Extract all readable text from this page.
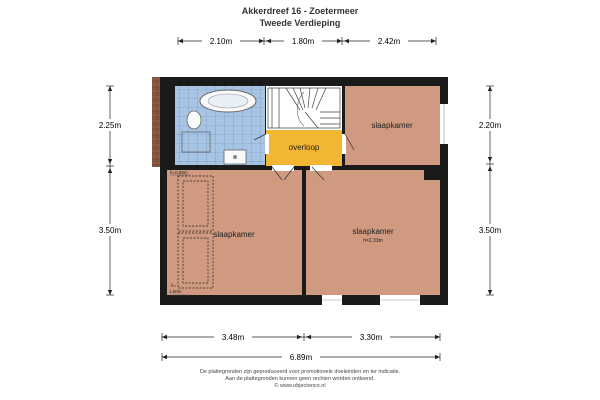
Akkerdreef 16 - Zoetermeer
Tweede Verdieping
slaapkamer
overloop
slaapkamer	slaapkamer
h=2.33m
h=0.65m
h=
1.50m
2.10m	1.80m	2.42m
2.25m
3.50m
2.20m
3.50m
3.48m	3.30m
6.89m
De plattegronden zijn geproduceerd voor promotionele doeleinden en ter indicatie.
Aan de plattegronden kunnen geen rechten worden ontleend.
© www.objectenco.nl
